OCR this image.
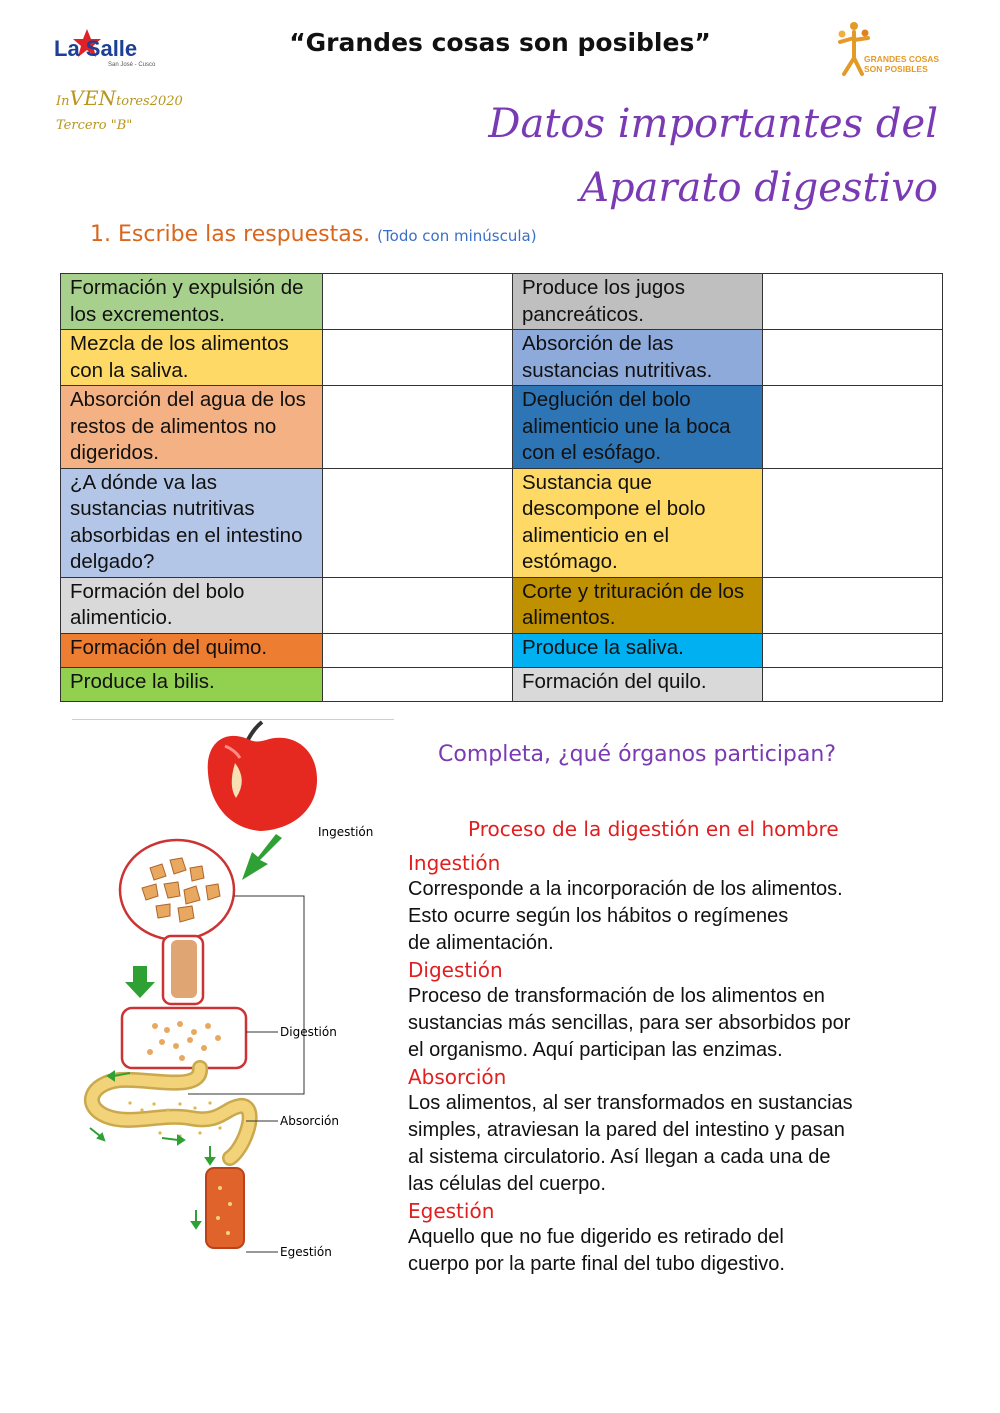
La Salle
San José - Cusco
“Grandes cosas son posibles”
GRANDES COSAS
SON POSIBLES
InVENtores2020
Tercero "B"	Datos importantes del
Aparato digestivo
1. Escribe las respuestas. (Todo con minúscula)
Formación y expulsión de los excrementos.		Produce los jugos pancreáticos.	
Mezcla de los alimentos con la saliva.		Absorción de las sustancias nutritivas.	
Absorción del agua de los restos de alimentos no digeridos.		Deglución del bolo alimenticio une la boca con el esófago.	
¿A dónde va las sustancias nutritivas absorbidas en el intestino delgado?		Sustancia que descompone el bolo alimenticio en el estómago.	
Formación del bolo alimenticio.		Corte y trituración de los alimentos.	
Formación del quimo.		Produce la saliva.	
Produce la bilis.		Formación del quilo.	
Ingestión
Digestión
Absorción
Egestión
Completa, ¿qué órganos participan?
Proceso de la digestión en el hombre
Ingestión
Corresponde a la incorporación de los alimentos.
Esto ocurre según los hábitos o regímenes
de alimentación.
Digestión
Proceso de transformación de los alimentos en
sustancias más sencillas, para ser absorbidos por
el organismo. Aquí participan las enzimas.
Absorción
Los alimentos, al ser transformados en sustancias
simples, atraviesan la pared del intestino y pasan
al sistema circulatorio. Así llegan a cada una de
las células del cuerpo.
Egestión
Aquello que no fue digerido es retirado del
cuerpo por la parte final del tubo digestivo.
